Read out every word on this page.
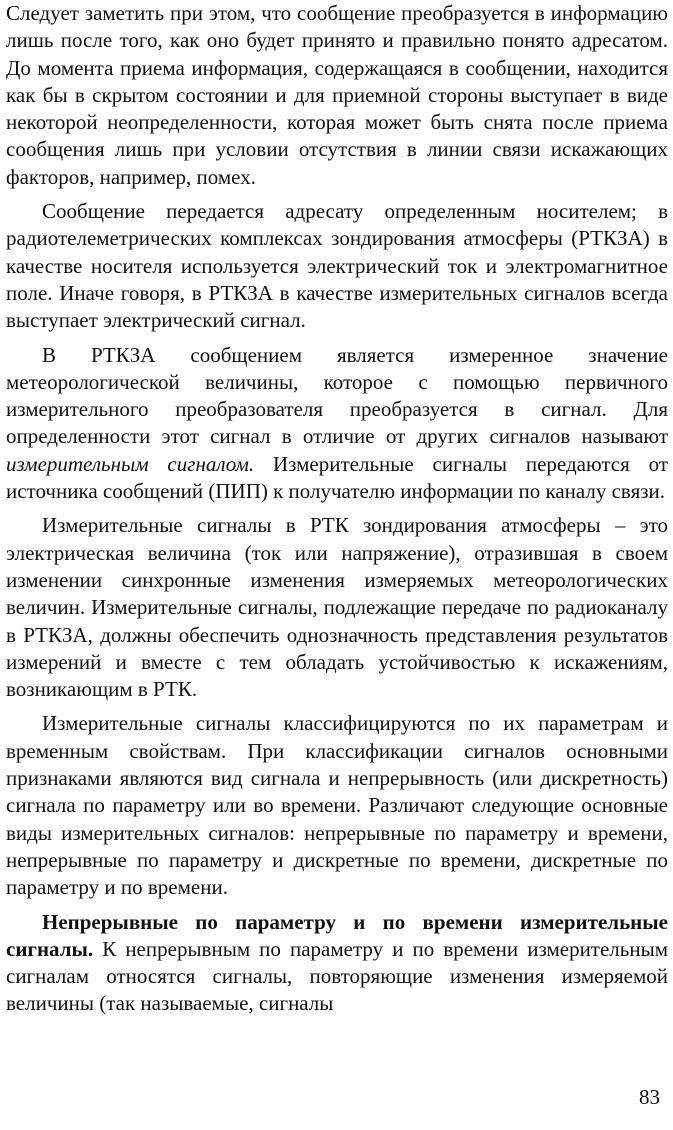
Следует заметить при этом, что сообщение преобразуется в информацию лишь после того, как оно будет принято и правильно понято адресатом. До момента приема информация, содержащаяся в сообщении, находится как бы в скрытом состоянии и для приемной стороны выступает в виде некоторой неопределенности, которая может быть снята после приема сообщения лишь при условии отсутствия в линии связи искажающих факторов, например, помех.

Сообщение передается адресату определенным носителем; в радиотелеметрических комплексах зондирования атмосферы (РТКЗА) в качестве носителя используется электрический ток и электромагнитное поле. Иначе говоря, в РТКЗА в качестве измерительных сигналов всегда выступает электрический сигнал.

В РТКЗА сообщением является измеренное значение метеорологической величины, которое с помощью первичного измерительного преобразователя преобразуется в сигнал. Для определенности этот сигнал в отличие от других сигналов называют измерительным сигналом. Измерительные сигналы передаются от источника сообщений (ПИП) к получателю информации по каналу связи.

Измерительные сигналы в РТК зондирования атмосферы – это электрическая величина (ток или напряжение), отразившая в своем изменении синхронные изменения измеряемых метеорологических величин. Измерительные сигналы, подлежащие передаче по радиоканалу в РТКЗА, должны обеспечить однозначность представления результатов измерений и вместе с тем обладать устойчивостью к искажениям, возникающим в РТК.

Измерительные сигналы классифицируются по их параметрам и временным свойствам. При классификации сигналов основными признаками являются вид сигнала и непрерывность (или дискретность) сигнала по параметру или во времени. Различают следующие основные виды измерительных сигналов: непрерывные по параметру и времени, непрерывные по параметру и дискретные по времени, дискретные по параметру и по времени.

Непрерывные по параметру и по времени измерительные сигналы. К непрерывным по параметру и по времени измерительным сигналам относятся сигналы, повторяющие изменения измеряемой величины (так называемые, сигналы

83
